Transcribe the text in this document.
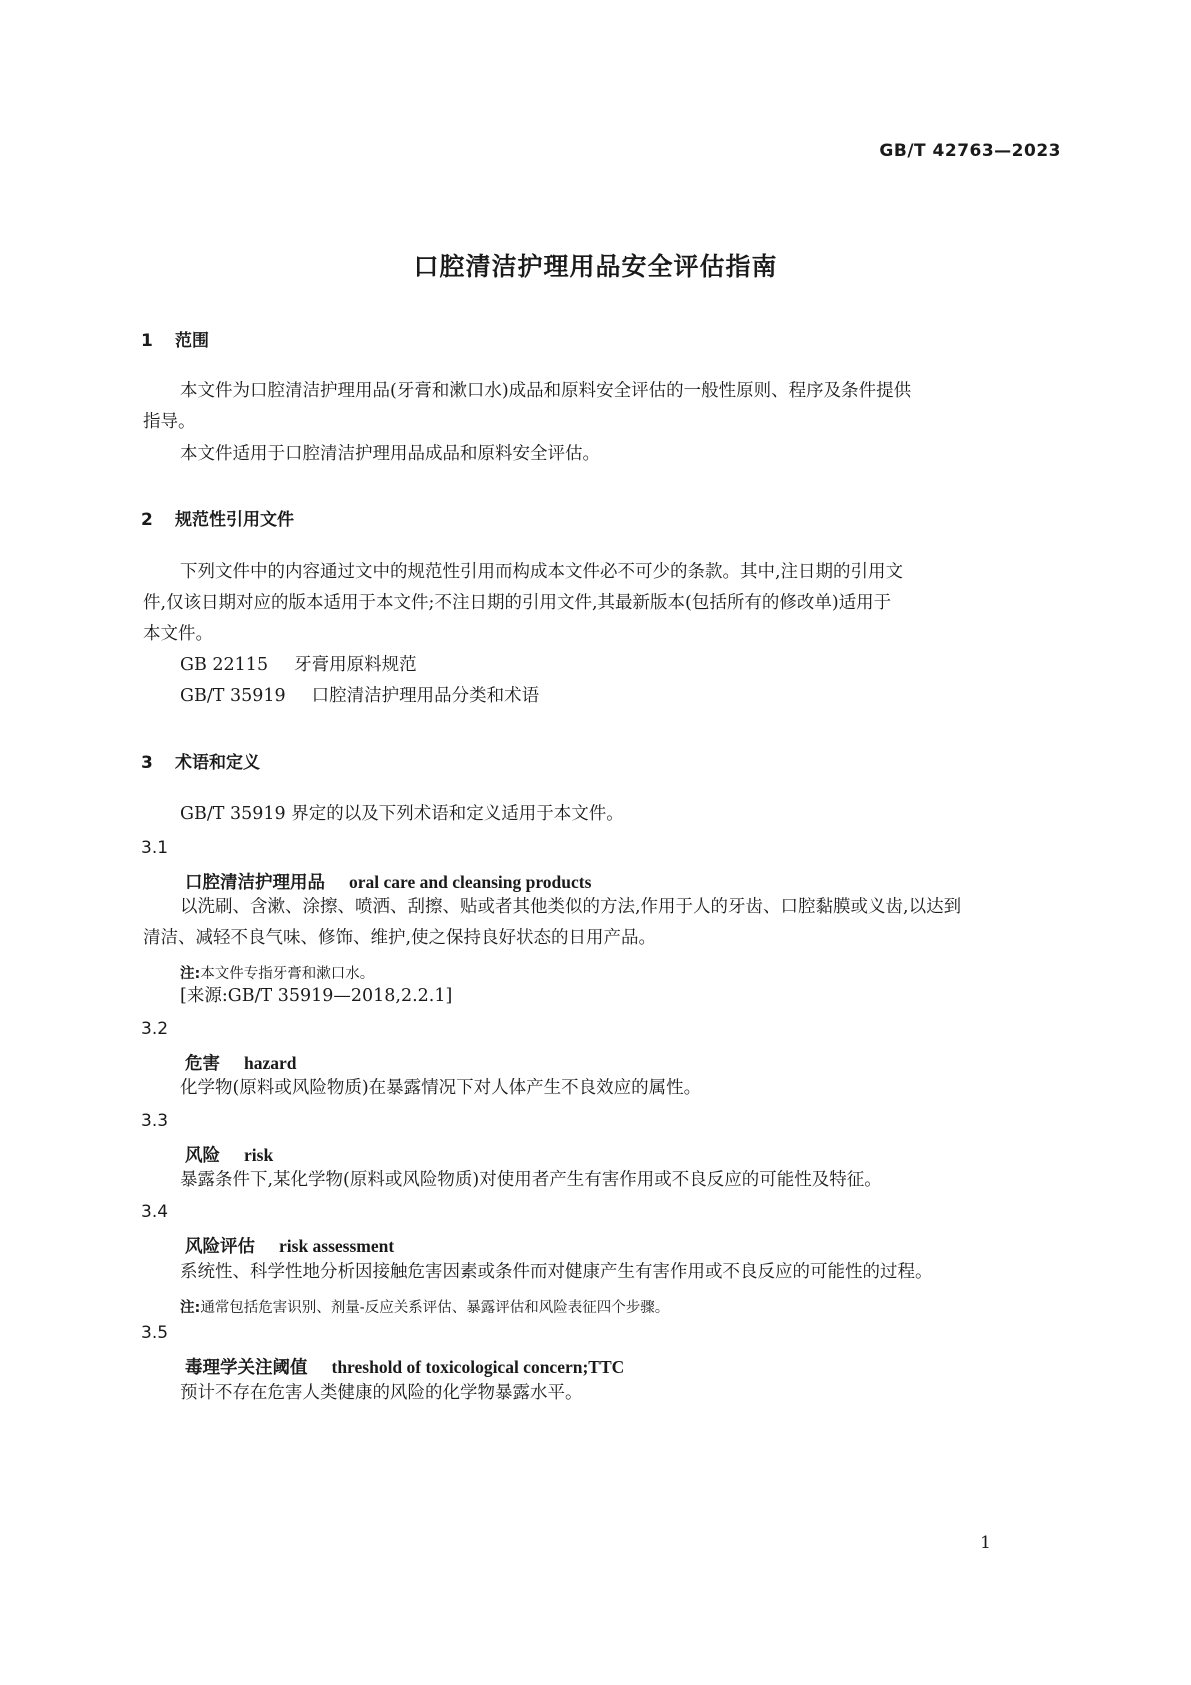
GB/T 42763—2023
口腔清洁护理用品安全评估指南
1 范围
本文件为口腔清洁护理用品(牙膏和漱口水)成品和原料安全评估的一般性原则、程序及条件提供
指导。
本文件适用于口腔清洁护理用品成品和原料安全评估。
2 规范性引用文件
下列文件中的内容通过文中的规范性引用而构成本文件必不可少的条款。其中,注日期的引用文
件,仅该日期对应的版本适用于本文件;不注日期的引用文件,其最新版本(包括所有的修改单)适用于
本文件。
GB 22115 牙膏用原料规范
GB/T 35919 口腔清洁护理用品分类和术语
3 术语和定义
GB/T 35919 界定的以及下列术语和定义适用于本文件。
3.1
口腔清洁护理用品 oral care and cleansing products
以洗刷、含漱、涂擦、喷洒、刮擦、贴或者其他类似的方法,作用于人的牙齿、口腔黏膜或义齿,以达到
清洁、减轻不良气味、修饰、维护,使之保持良好状态的日用产品。
注:本文件专指牙膏和漱口水。
[来源:GB/T 35919—2018,2.2.1]
3.2
危害 hazard
化学物(原料或风险物质)在暴露情况下对人体产生不良效应的属性。
3.3
风险 risk
暴露条件下,某化学物(原料或风险物质)对使用者产生有害作用或不良反应的可能性及特征。
3.4
风险评估 risk assessment
系统性、科学性地分析因接触危害因素或条件而对健康产生有害作用或不良反应的可能性的过程。
注:通常包括危害识别、剂量-反应关系评估、暴露评估和风险表征四个步骤。
3.5
毒理学关注阈值 threshold of toxicological concern;TTC
预计不存在危害人类健康的风险的化学物暴露水平。
1
